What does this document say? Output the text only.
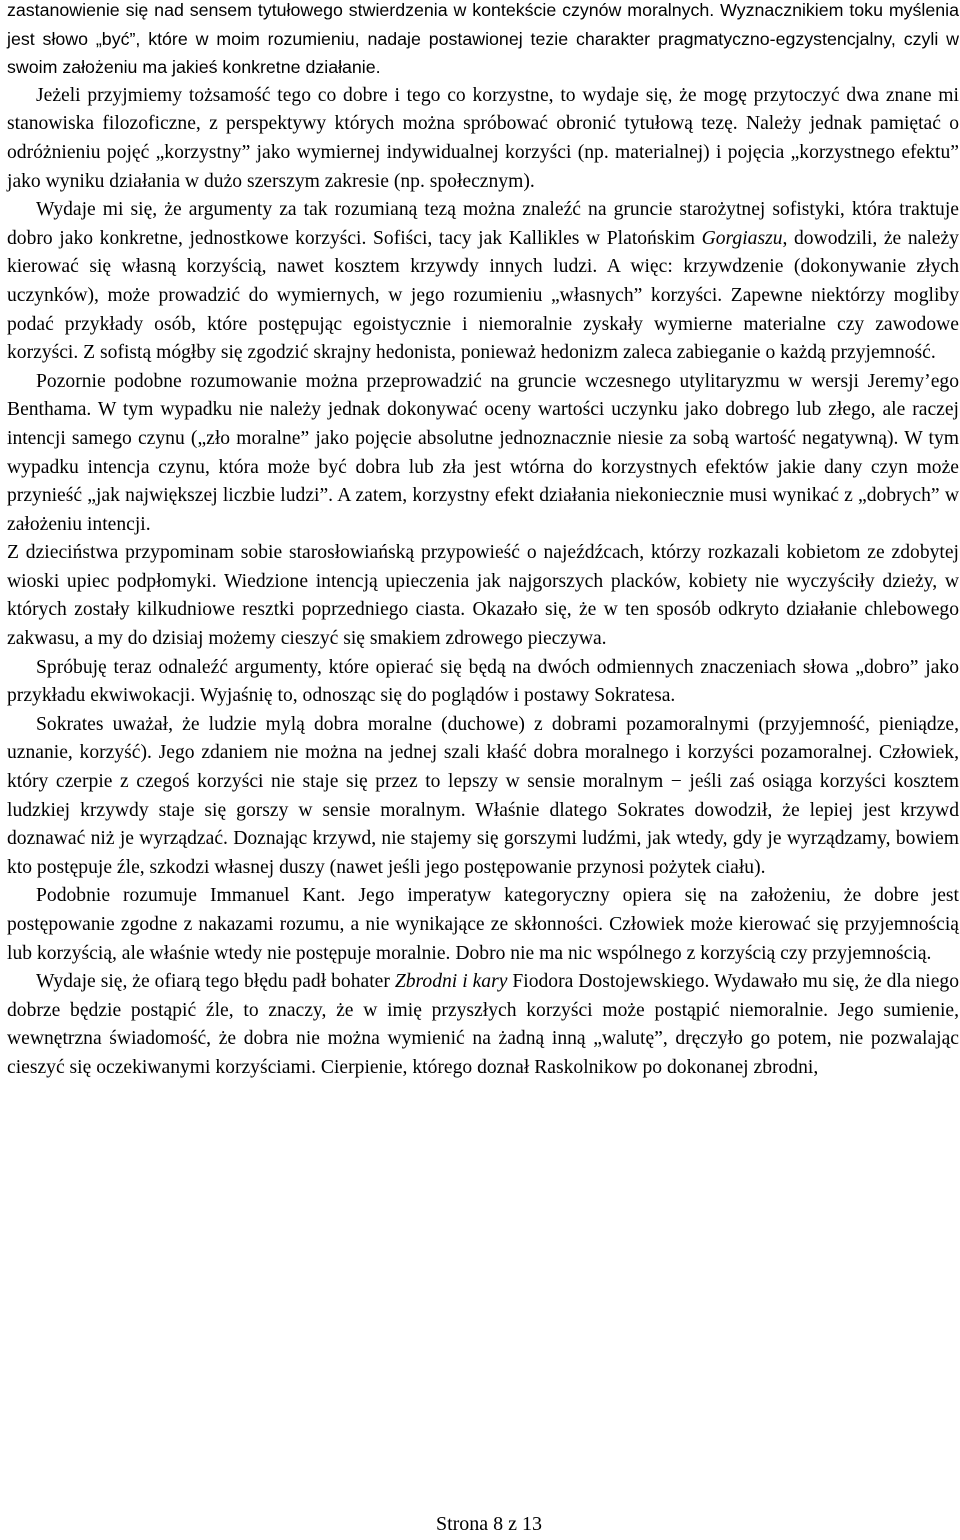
zastanowienie się nad sensem tytułowego stwierdzenia w kontekście czynów moralnych. Wyznacznikiem toku myślenia jest słowo „być”, które w moim rozumieniu, nadaje postawionej tezie charakter pragmatyczno-egzystencjalny, czyli w swoim założeniu ma jakieś konkretne działanie.

Jeżeli przyjmiemy tożsamość tego co dobre i tego co korzystne, to wydaje się, że mogę przytoczyć dwa znane mi stanowiska filozoficzne, z perspektywy których można spróbować obronić tytułową tezę. Należy jednak pamiętać o odróżnieniu pojęć „korzystny” jako wymiernej indywidualnej korzyści (np. materialnej) i pojęcia „korzystnego efektu” jako wyniku działania w dużo szerszym zakresie (np. społecznym).

Wydaje mi się, że argumenty za tak rozumianą tezą można znaleźć na gruncie starożytnej sofistyki, która traktuje dobro jako konkretne, jednostkowe korzyści. Sofiści, tacy jak Kallikles w Platońskim Gorgiaszu, dowodzili, że należy kierować się własną korzyścią, nawet kosztem krzywdy innych ludzi. A więc: krzywdzenie (dokonywanie złych uczynków), może prowadzić do wymiernych, w jego rozumieniu „własnych” korzyści. Zapewne niektórzy mogliby podać przykłady osób, które postępując egoistycznie i niemoralnie zyskały wymierne materialne czy zawodowe korzyści. Z sofistą mógłby się zgodzić skrajny hedonista, ponieważ hedonizm zaleca zabieganie o każdą przyjemność.

Pozornie podobne rozumowanie można przeprowadzić na gruncie wczesnego utylitaryzmu w wersji Jeremy’ego Benthama. W tym wypadku nie należy jednak dokonywać oceny wartości uczynku jako dobrego lub złego, ale raczej intencji samego czynu („zło moralne” jako pojęcie absolutne jednoznacznie niesie za sobą wartość negatywną). W tym wypadku intencja czynu, która może być dobra lub zła jest wtórna do korzystnych efektów jakie dany czyn może przynieść „jak największej liczbie ludzi”. A zatem, korzystny efekt działania niekoniecznie musi wynikać z „dobrych” w założeniu intencji.

Z dzieciństwa przypominam sobie starosłowiańską przypowieść o najeźdźcach, którzy rozkazali kobietom ze zdobytej wioski upiec podpłomyki. Wiedzione intencją upieczenia jak najgorszych placków, kobiety nie wyczyściły dzieży, w których zostały kilkudniowe resztki poprzedniego ciasta. Okazało się, że w ten sposób odkryto działanie chlebowego zakwasu, a my do dzisiaj możemy cieszyć się smakiem zdrowego pieczywa.

Spróbuję teraz odnaleźć argumenty, które opierać się będą na dwóch odmiennych znaczeniach słowa „dobro” jako przykładu ekwiwokacji. Wyjaśnię to, odnosząc się do poglądów i postawy Sokratesa.

Sokrates uważał, że ludzie mylą dobra moralne (duchowe) z dobrami pozamoralnymi (przyjemność, pieniądze, uznanie, korzyść). Jego zdaniem nie można na jednej szali kłaść dobra moralnego i korzyści pozamoralnej. Człowiek, który czerpie z czegoś korzyści nie staje się przez to lepszy w sensie moralnym − jeśli zaś osiąga korzyści kosztem ludzkiej krzywdy staje się gorszy w sensie moralnym. Właśnie dlatego Sokrates dowodził, że lepiej jest krzywd doznawać niż je wyrządzać. Doznając krzywd, nie stajemy się gorszymi ludźmi, jak wtedy, gdy je wyrządzamy, bowiem kto postępuje źle, szkodzi własnej duszy (nawet jeśli jego postępowanie przynosi pożytek ciału).

Podobnie rozumuje Immanuel Kant. Jego imperatyw kategoryczny opiera się na założeniu, że dobre jest postępowanie zgodne z nakazami rozumu, a nie wynikające ze skłonności. Człowiek może kierować się przyjemnością lub korzyścią, ale właśnie wtedy nie postępuje moralnie. Dobro nie ma nic wspólnego z korzyścią czy przyjemnością.

Wydaje się, że ofiarą tego błędu padł bohater Zbrodni i kary Fiodora Dostojewskiego. Wydawało mu się, że dla niego dobrze będzie postąpić źle, to znaczy, że w imię przyszłych korzyści może postąpić niemoralnie. Jego sumienie, wewnętrzna świadomość, że dobra nie można wymienić na żadną inną „walutę”, dręczyło go potem, nie pozwalając cieszyć się oczekiwanymi korzyściami. Cierpienie, którego doznał Raskolnikow po dokonanej zbrodni,

Strona 8 z 13
